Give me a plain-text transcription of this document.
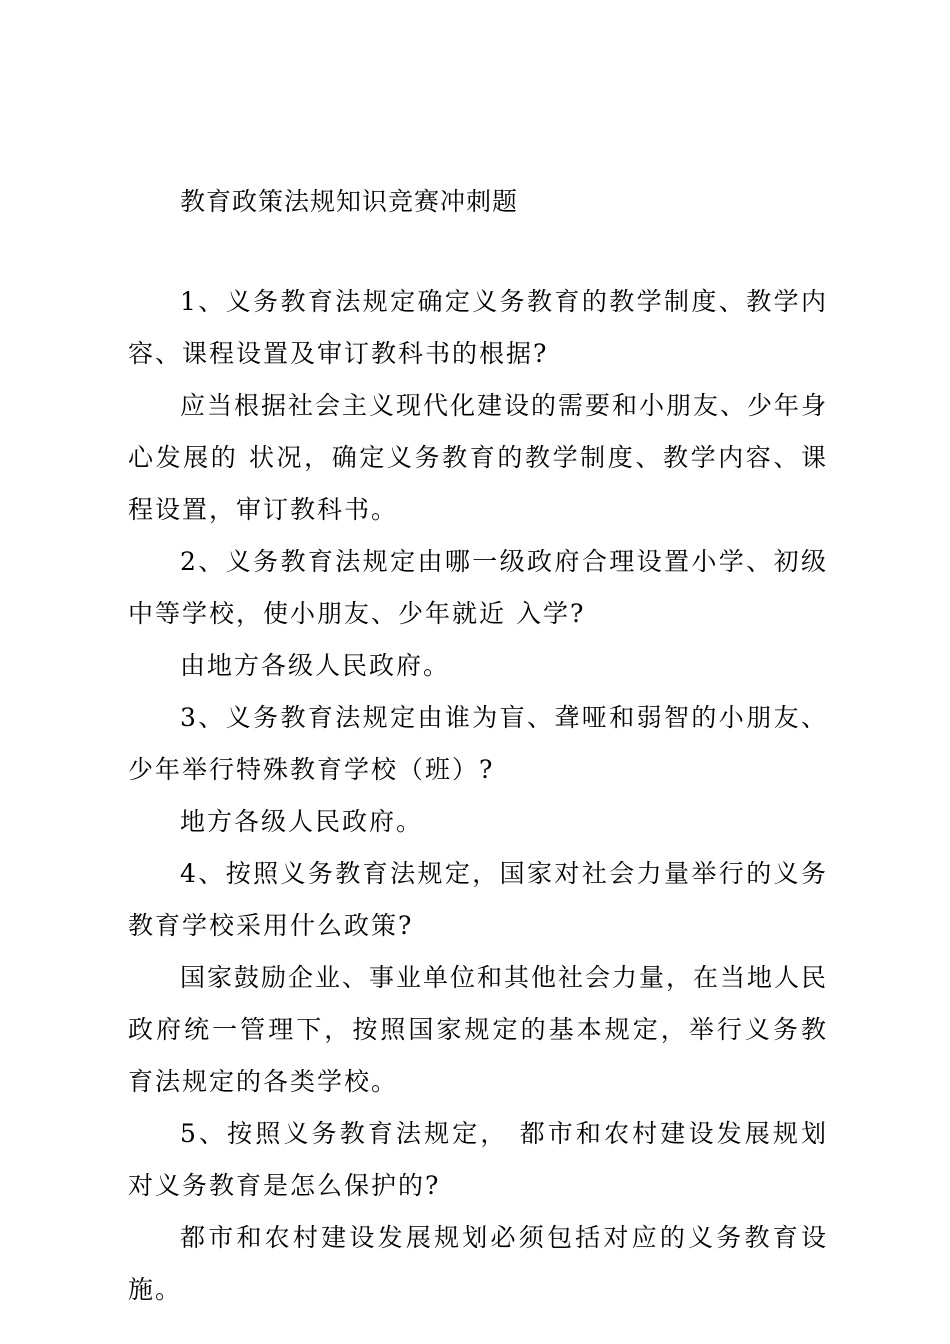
教育政策法规知识竞赛冲刺题

1、义务教育法规定确定义务教育的教学制度、教学内容、课程设置及审订教科书的根据?

应当根据社会主义现代化建设的需要和小朋友、少年身心发展的 状况，确定义务教育的教学制度、教学内容、课程设置，审订教科书。

2、义务教育法规定由哪一级政府合理设置小学、初级中等学校，使小朋友、少年就近 入学?

由地方各级人民政府。

3、义务教育法规定由谁为盲、聋哑和弱智的小朋友、少年举行特殊教育学校（班）?

地方各级人民政府。

4、按照义务教育法规定，国家对社会力量举行的义务教育学校采用什么政策?

国家鼓励企业、事业单位和其他社会力量，在当地人民政府统一管理下，按照国家规定的基本规定，举行义务教育法规定的各类学校。

5、按照义务教育法规定， 都市和农村建设发展规划对义务教育是怎么保护的?

都市和农村建设发展规划必须包括对应的义务教育设施。
